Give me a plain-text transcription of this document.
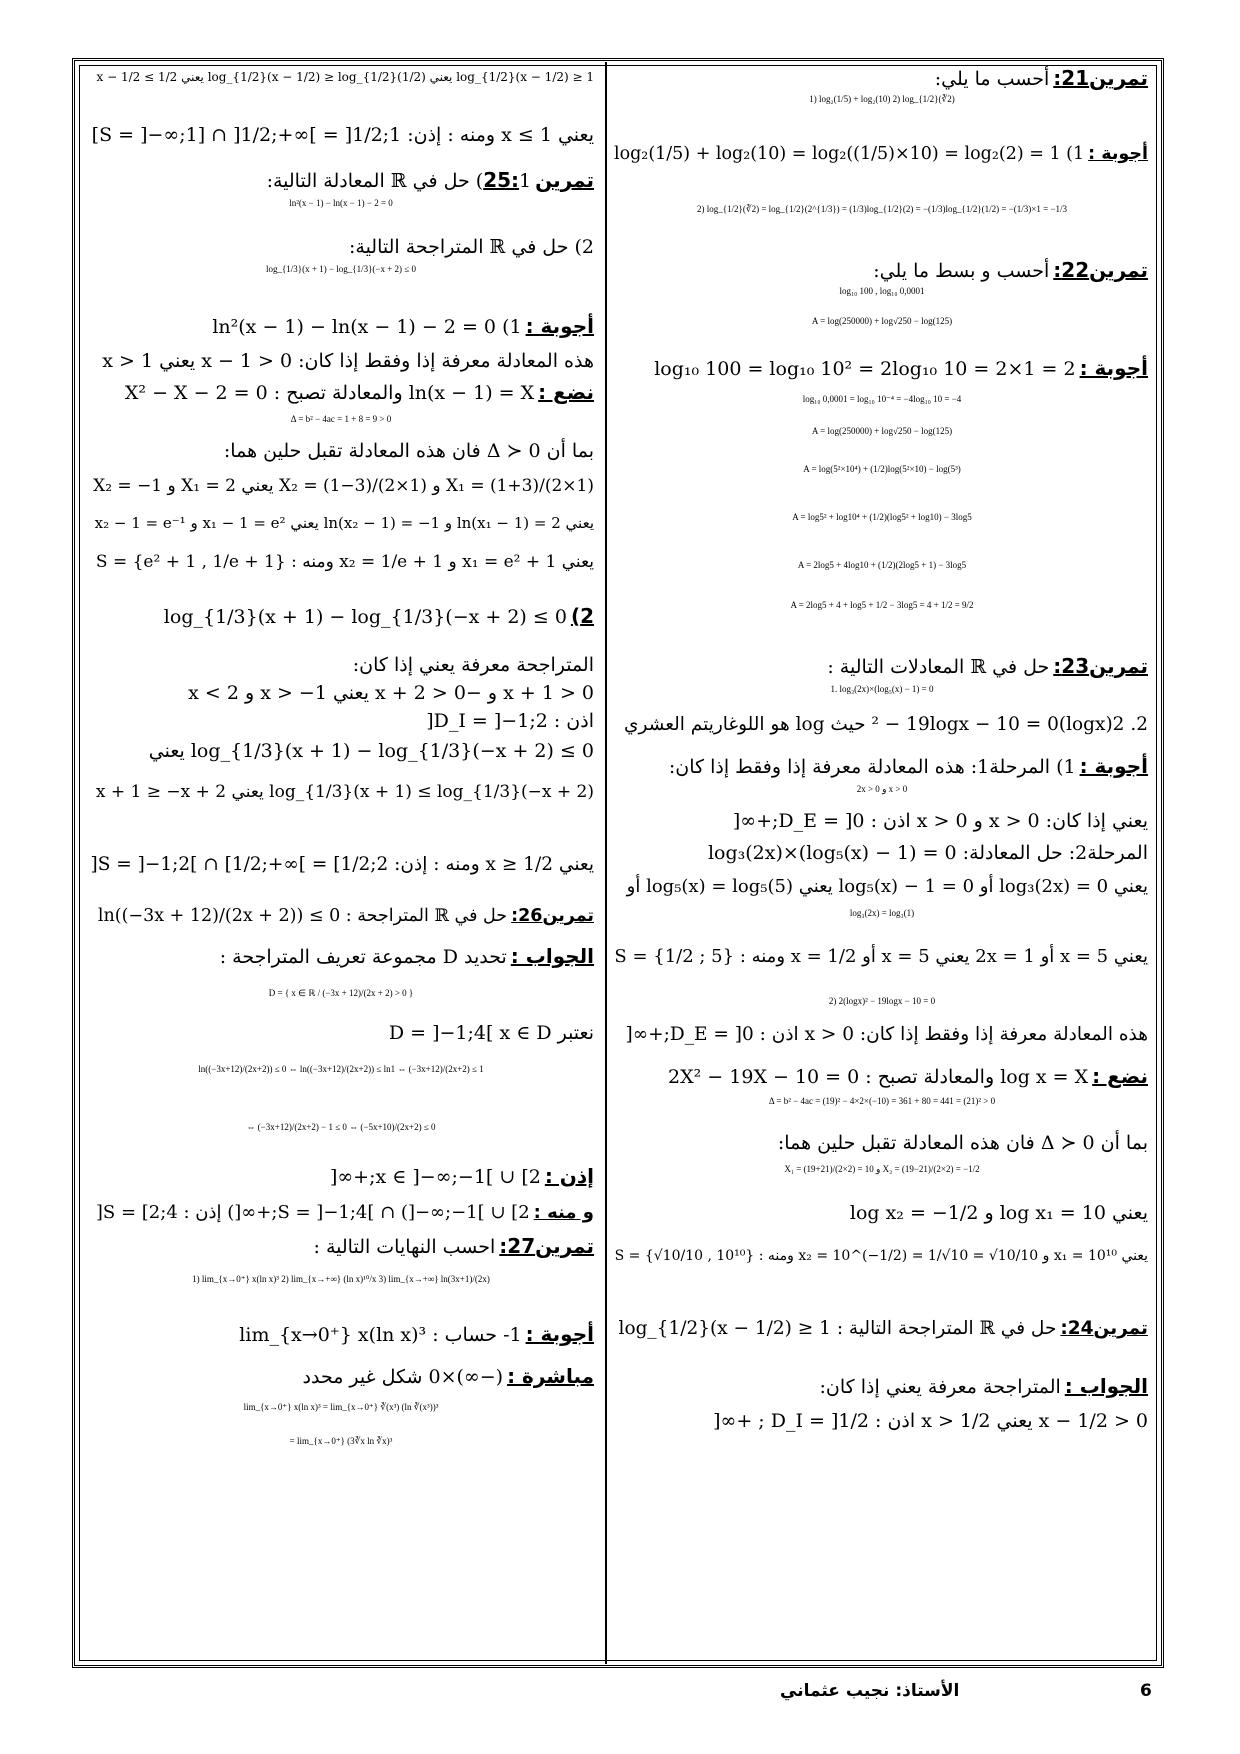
تمرين21:أحسب ما يلي:
1) log₂(1/5) + log₂(10) 2) log_{1/2}(∛2)
أجوبة :1) log₂(1/5) + log₂(10) = log₂((1/5)×10) = log₂(2) = 1
2) log_{1/2}(∛2) = log_{1/2}(2^{1/3}) = (1/3)log_{1/2}(2) = −(1/3)log_{1/2}(1/2) = −(1/3)×1 = −1/3
تمرين22:أحسب و بسط ما يلي:
log₁₀ 100 , log₁₀ 0,0001
A = log(250000) + log√250 − log(125)
أجوبة :log₁₀ 100 = log₁₀ 10² = 2log₁₀ 10 = 2×1 = 2
log₁₀ 0,0001 = log₁₀ 10⁻⁴ = −4log₁₀ 10 = −4
A = log(250000) + log√250 − log(125)
A = log(5²×10⁴) + (1/2)log(5²×10) − log(5³)
A = log5² + log10⁴ + (1/2)(log5² + log10) − 3log5
A = 2log5 + 4log10 + (1/2)(2log5 + 1) − 3log5
A = 2log5 + 4 + log5 + 1/2 − 3log5 = 4 + 1/2 = 9/2
تمرين23:حل في ℝ المعادلات التالية :
1. log₃(2x)×(log₅(x) − 1) = 0
2. 2(logx)² − 19logx − 10 = 0 حيث log هو اللوغاريتم العشري
أجوبة :1) المرحلة1: هذه المعادلة معرفة إذا وفقط إذا كان:
2x > 0 و x > 0
يعني إذا كان: x > 0 و x > 0 اذن : D_E = ]0;+∞[
المرحلة2: حل المعادلة: log₃(2x)×(log₅(x) − 1) = 0
يعني log₃(2x) = 0 أو log₅(x) − 1 = 0 يعني log₅(x) = log₅(5) أو
log₃(2x) = log₃(1)
يعني x = 5 أو 2x = 1 يعني x = 5 أو x = 1/2 ومنه : S = {1/2 ; 5}
2) 2(logx)² − 19logx − 10 = 0
هذه المعادلة معرفة إذا وفقط إذا كان: x > 0 اذن : D_E = ]0;+∞[
نضع :log x = X والمعادلة تصبح : 2X² − 19X − 10 = 0
Δ = b² − 4ac = (19)² − 4×2×(−10) = 361 + 80 = 441 = (21)² > 0
بما أن Δ ≻ 0 فان هذه المعادلة تقبل حلين هما:
X₁ = (19+21)/(2×2) = 10 و X₂ = (19−21)/(2×2) = −1/2
يعني log x₁ = 10 و log x₂ = −1/2
يعني x₁ = 10¹⁰ و x₂ = 10^(−1/2) = 1/√10 = √10/10 ومنه : S = {√10/10 , 10¹⁰}
تمرين24:حل في ℝ المتراجحة التالية : log_{1/2}(x − 1/2) ≥ 1
الجواب :المتراجحة معرفة يعني إذا كان:
x − 1/2 > 0 يعني x > 1/2 اذن : D_I = ]1/2 ; +∞[
log_{1/2}(x − 1/2) ≥ 1 يعني log_{1/2}(x − 1/2) ≥ log_{1/2}(1/2) يعني x − 1/2 ≤ 1/2
يعني x ≤ 1 ومنه : إذن: S = ]−∞;1] ∩ ]1/2;+∞[ = ]1/2;1]
تمرين25:1) حل في ℝ المعادلة التالية:
ln²(x − 1) − ln(x − 1) − 2 = 0
2) حل في ℝ المتراجحة التالية:
log_{1/3}(x + 1) − log_{1/3}(−x + 2) ≤ 0
أجوبة :1) ln²(x − 1) − ln(x − 1) − 2 = 0
هذه المعادلة معرفة إذا وفقط إذا كان: x − 1 > 0 يعني x > 1
نضع :ln(x − 1) = X والمعادلة تصبح : X² − X − 2 = 0
Δ = b² − 4ac = 1 + 8 = 9 > 0
بما أن Δ ≻ 0 فان هذه المعادلة تقبل حلين هما:
X₁ = (1+3)/(2×1) و X₂ = (1−3)/(2×1) يعني X₁ = 2 و X₂ = −1
يعني ln(x₁ − 1) = 2 و ln(x₂ − 1) = −1 يعني x₁ − 1 = e² و x₂ − 1 = e⁻¹
يعني x₁ = e² + 1 و x₂ = 1/e + 1 ومنه : S = {e² + 1 , 1/e + 1}
2)log_{1/3}(x + 1) − log_{1/3}(−x + 2) ≤ 0
المتراجحة معرفة يعني إذا كان:
x + 1 > 0 و −x + 2 > 0 يعني x > −1 و x < 2
اذن : D_I = ]−1;2[
log_{1/3}(x + 1) − log_{1/3}(−x + 2) ≤ 0 يعني
log_{1/3}(x + 1) ≤ log_{1/3}(−x + 2) يعني x + 1 ≥ −x + 2
يعني x ≥ 1/2 ومنه : إذن: S = ]−1;2[ ∩ [1/2;+∞[ = [1/2;2[
تمرين26:حل في ℝ المتراجحة : ln((−3x + 12)/(2x + 2)) ≤ 0
الجواب :تحديد D مجموعة تعريف المتراجحة :
D = { x ∈ ℝ / (−3x + 12)/(2x + 2) > 0 }
نعتبر D = ]−1;4[ x ∈ D
ln((−3x+12)/(2x+2)) ≤ 0 ⇔ ln((−3x+12)/(2x+2)) ≤ ln1 ⇔ (−3x+12)/(2x+2) ≤ 1
⇔ (−3x+12)/(2x+2) − 1 ≤ 0 ⇔ (−5x+10)/(2x+2) ≤ 0
إذن :x ∈ ]−∞;−1[ ∪ [2;+∞[
و منه :S = ]−1;4[ ∩ (]−∞;−1[ ∪ [2;+∞[) إذن : S = [2;4[
تمرين27:احسب النهايات التالية :
1) lim_{x→0⁺} x(ln x)³ 2) lim_{x→+∞} (ln x)¹⁰/x 3) lim_{x→+∞} ln(3x+1)/(2x)
أجوبة :1- حساب : lim_{x→0⁺} x(ln x)³
مباشرة :(−∞)×0 شكل غير محدد
lim_{x→0⁺} x(ln x)³ = lim_{x→0⁺} ∛(x³) (ln ∛(x³))³
= lim_{x→0⁺} (3∛x ln ∛x)³
6
الأستاذ: نجيب عثماني
